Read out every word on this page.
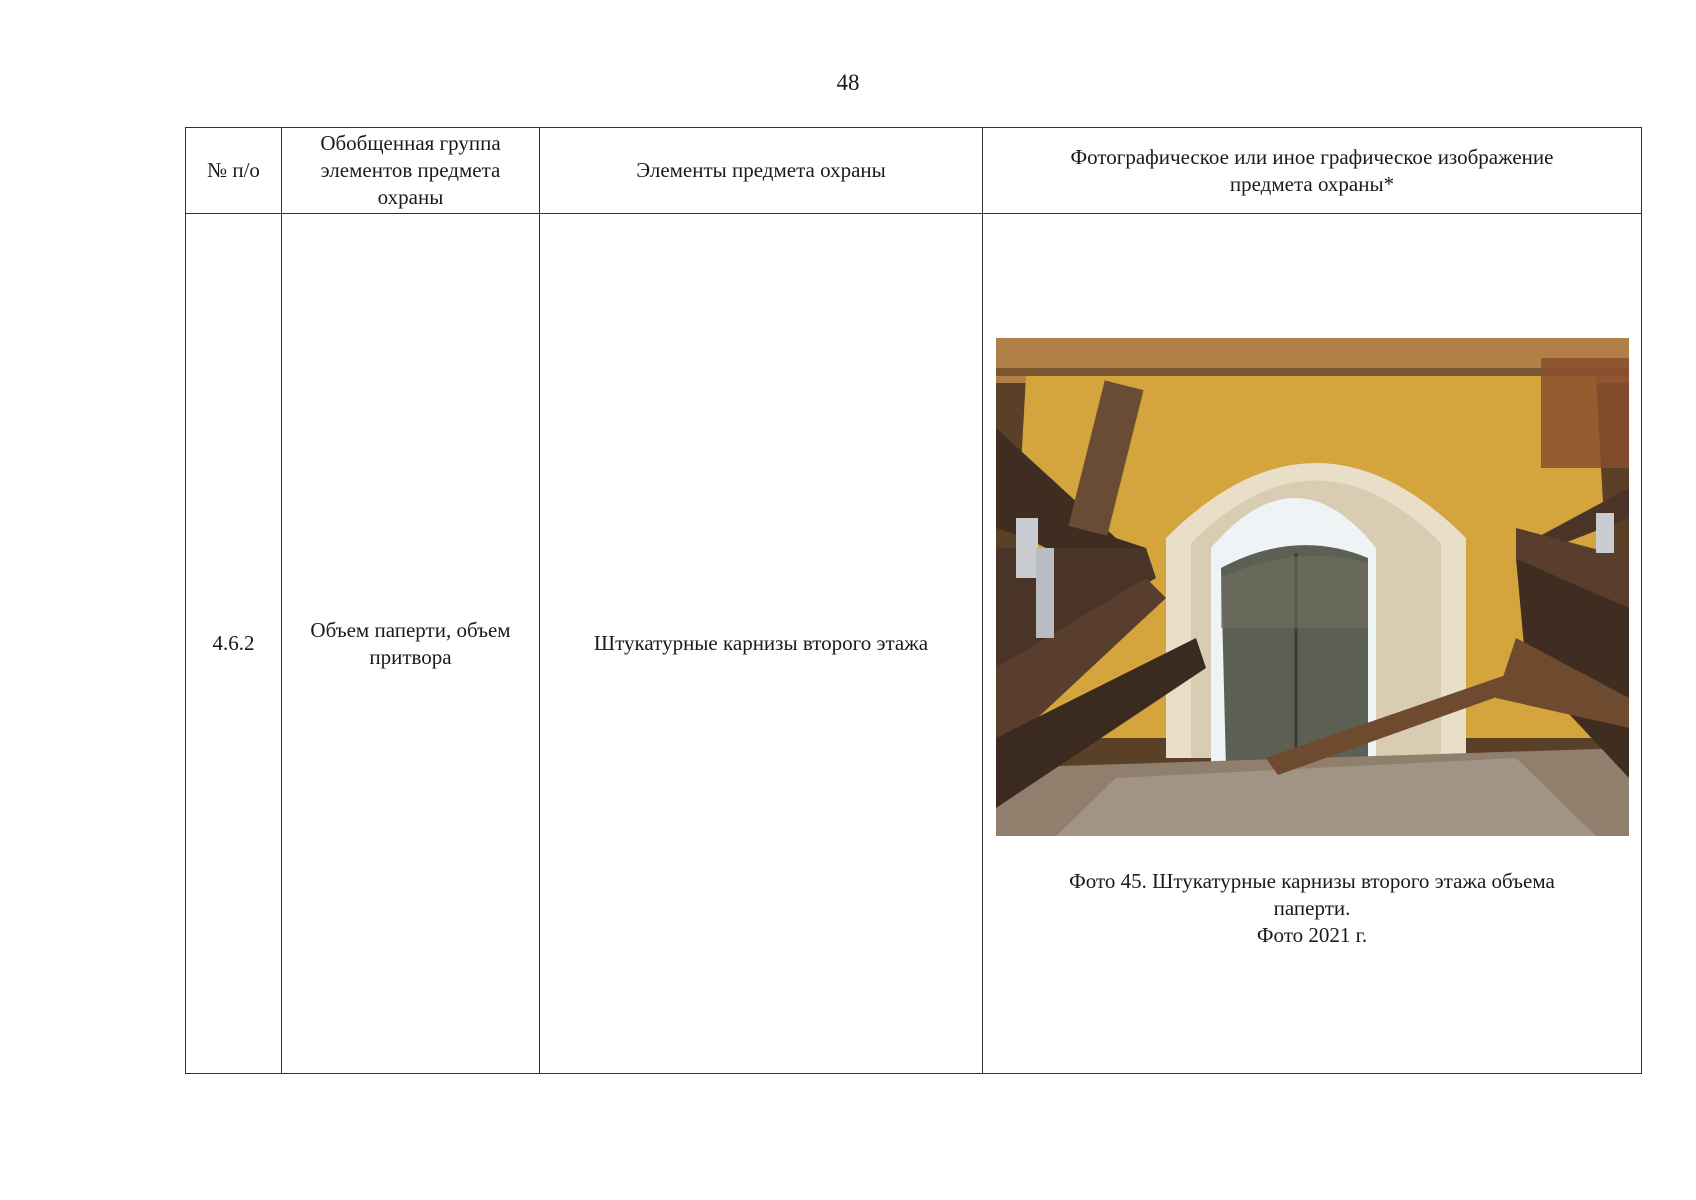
48
№ п/о	Обобщенная группа элементов предмета охраны	Элементы предмета охраны	Фотографическое или иное графическое изображение предмета охраны*
4.6.2	Объем паперти, объем притвора	Штукатурные карнизы второго этажа	Фото 45. Штукатурные карнизы второго этажа объема паперти.
Фото 2021 г.
